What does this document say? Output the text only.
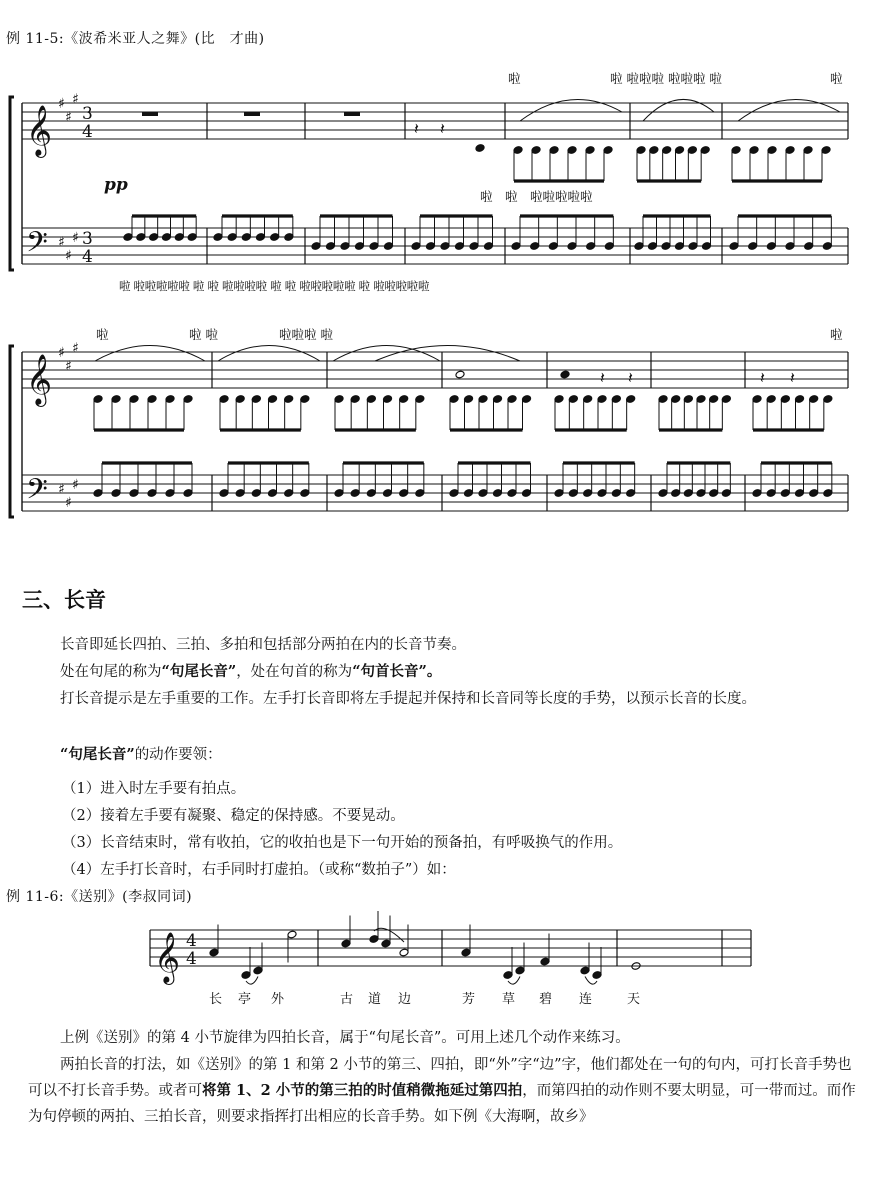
例 11-5:《波希米亚人之舞》(比　才曲)
𝄞
𝄢
♯
♯
♯
♯
♯
♯
3
4
3
4
𝄽 𝄽
pp
啦	啦 啦啦啦 啦啦啦 啦	啦
啦　啦　啦啦啦啦啦
啦 啦啦啦啦啦 啦 啦 啦啦啦啦 啦 啦 啦啦啦啦啦 啦 啦啦啦啦啦
𝄞
𝄢
♯
♯
♯
♯
♯
♯
𝄽 𝄽	𝄽 𝄽
啦	啦 啦	啦啦啦 啦	啦
三、长音
长音即延长四拍、三拍、多拍和包括部分两拍在内的长音节奏。
处在句尾的称为“句尾长音”，处在句首的称为“句首长音”。
打长音提示是左手重要的工作。左手打长音即将左手提起并保持和长音同等长度的手势，以预示长音的长度。
“句尾长音”的动作要领：
（1）进入时左手要有拍点。
（2）接着左手要有凝聚、稳定的保持感。不要晃动。
（3）长音结束时，常有收拍，它的收拍也是下一句开始的预备拍，有呼吸换气的作用。
（4）左手打长音时，右手同时打虚拍。（或称“数拍子”）如：
例 11-6:《送别》(李叔同词)
𝄞 4
4
长 亭 外	古 道 边	芳 草 碧 连	天
上例《送别》的第 4 小节旋律为四拍长音，属于“句尾长音”。可用上述几个动作来练习。
两拍长音的打法，如《送别》的第 1 和第 2 小节的第三、四拍，即“外”字“边”字，他们都处在一句的句内，可打长音手势也可以不打长音手势。或者可将第 1、2 小节的第三拍的时值稍微拖延过第四拍，而第四拍的动作则不要太明显，可一带而过。而作为句停顿的两拍、三拍长音，则要求指挥打出相应的长音手势。如下例《大海啊，故乡》
